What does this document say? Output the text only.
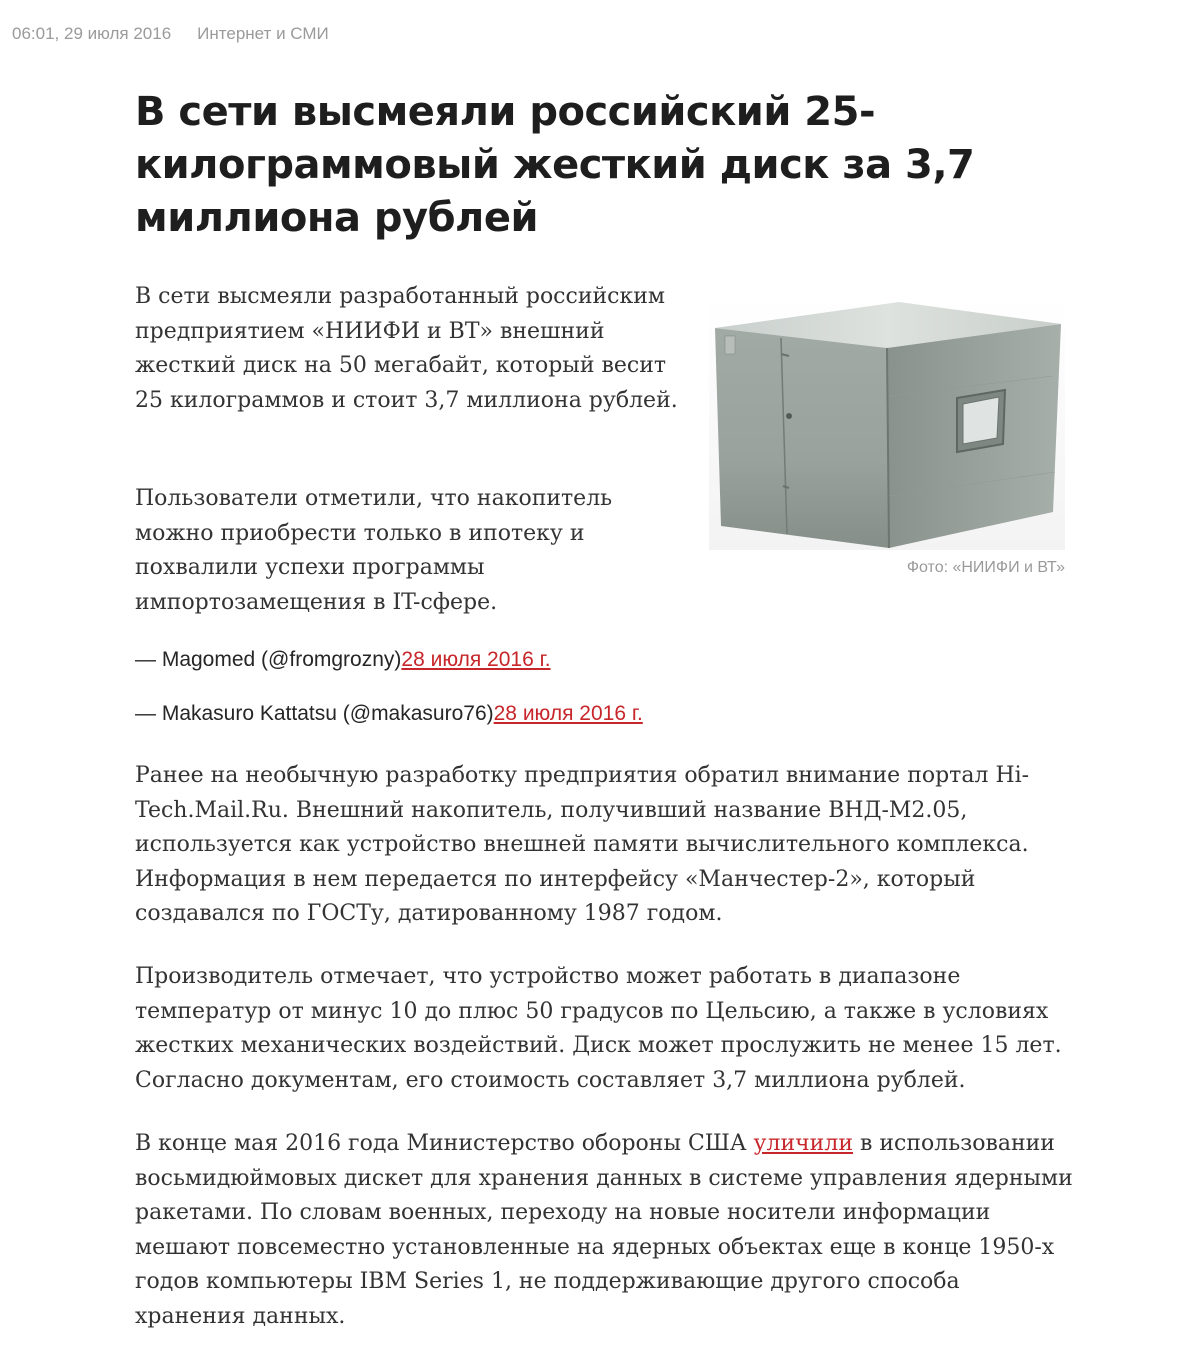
06:01, 29 июля 2016 Интернет и СМИ
В сети высмеяли российский 25-килограммовый жесткий диск за 3,7 миллиона рублей

В сети высмеяли разработанный российским предприятием «НИИФИ и ВТ» внешний жесткий диск на 50 мегабайт, который весит 25 килограммов и стоит 3,7 миллиона рублей.

Фото: «НИИФИ и ВТ»

Пользователи отметили, что накопитель можно приобрести только в ипотеку и похвалили успехи программы импортозамещения в IT-сфере.

— Magomed (@fromgrozny)28 июля 2016 г.

— Makasuro Kattatsu (@makasuro76)28 июля 2016 г.

Ранее на необычную разработку предприятия обратил внимание портал Hi-Tech.Mail.Ru. Внешний накопитель, получивший название ВНД-М2.05, используется как устройство внешней памяти вычислительного комплекса. Информация в нем передается по интерфейсу «Манчестер-2», который создавался по ГОСТу, датированному 1987 годом.

Производитель отмечает, что устройство может работать в диапазоне температур от минус 10 до плюс 50 градусов по Цельсию, а также в условиях жестких механических воздействий. Диск может прослужить не менее 15 лет. Согласно документам, его стоимость составляет 3,7 миллиона рублей.

В конце мая 2016 года Министерство обороны США уличили в использовании восьмидюймовых дискет для хранения данных в системе управления ядерными ракетами. По словам военных, переходу на новые носители информации мешают повсеместно установленные на ядерных объектах еще в конце 1950-х годов компьютеры IBM Series 1, не поддерживающие другого способа хранения данных.
